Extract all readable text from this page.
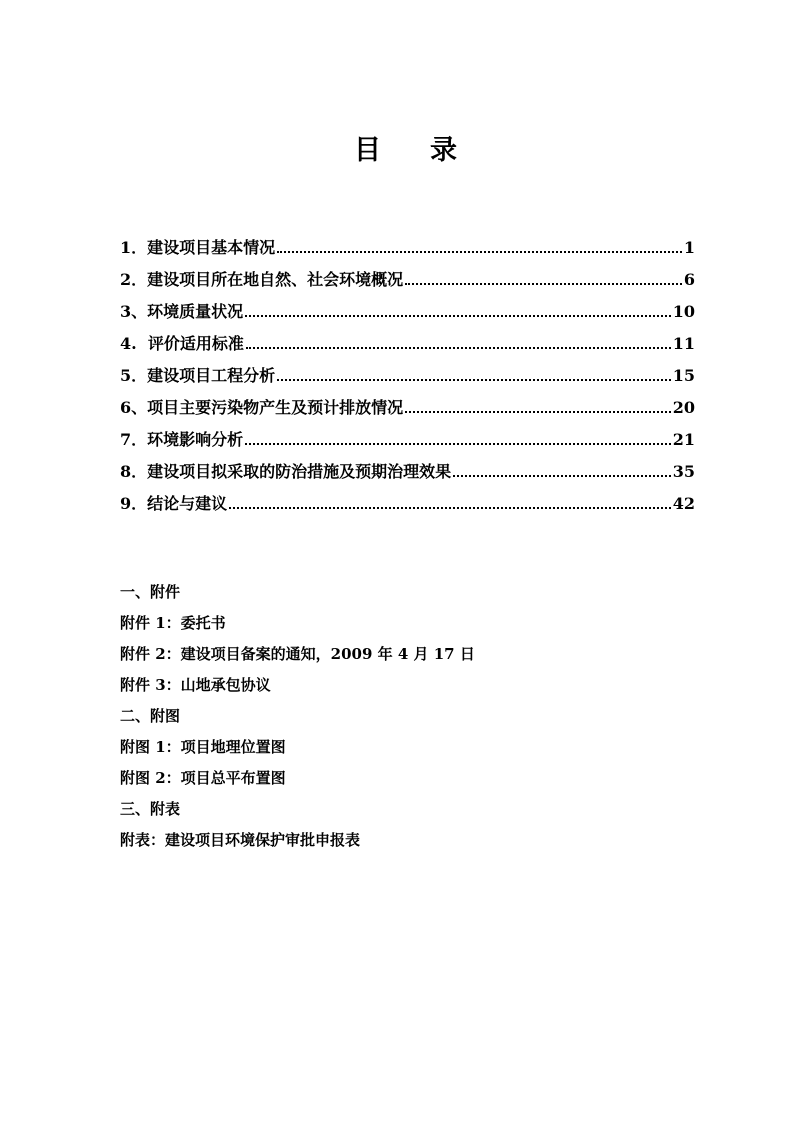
目 录
1．建设项目基本情况	1
2．建设项目所在地自然、社会环境概况	6
3、环境质量状况	10
4.  评价适用标准	11
5．建设项目工程分析	15
6、项目主要污染物产生及预计排放情况	20
7．环境影响分析	21
8．建设项目拟采取的防治措施及预期治理效果	35
9．结论与建议	42
一、附件
附件 1：委托书
附件 2：建设项目备案的通知，2009 年 4 月 17 日
附件 3：山地承包协议
二、附图
附图 1：项目地理位置图
附图 2：项目总平布置图
三、附表
附表：建设项目环境保护审批申报表
